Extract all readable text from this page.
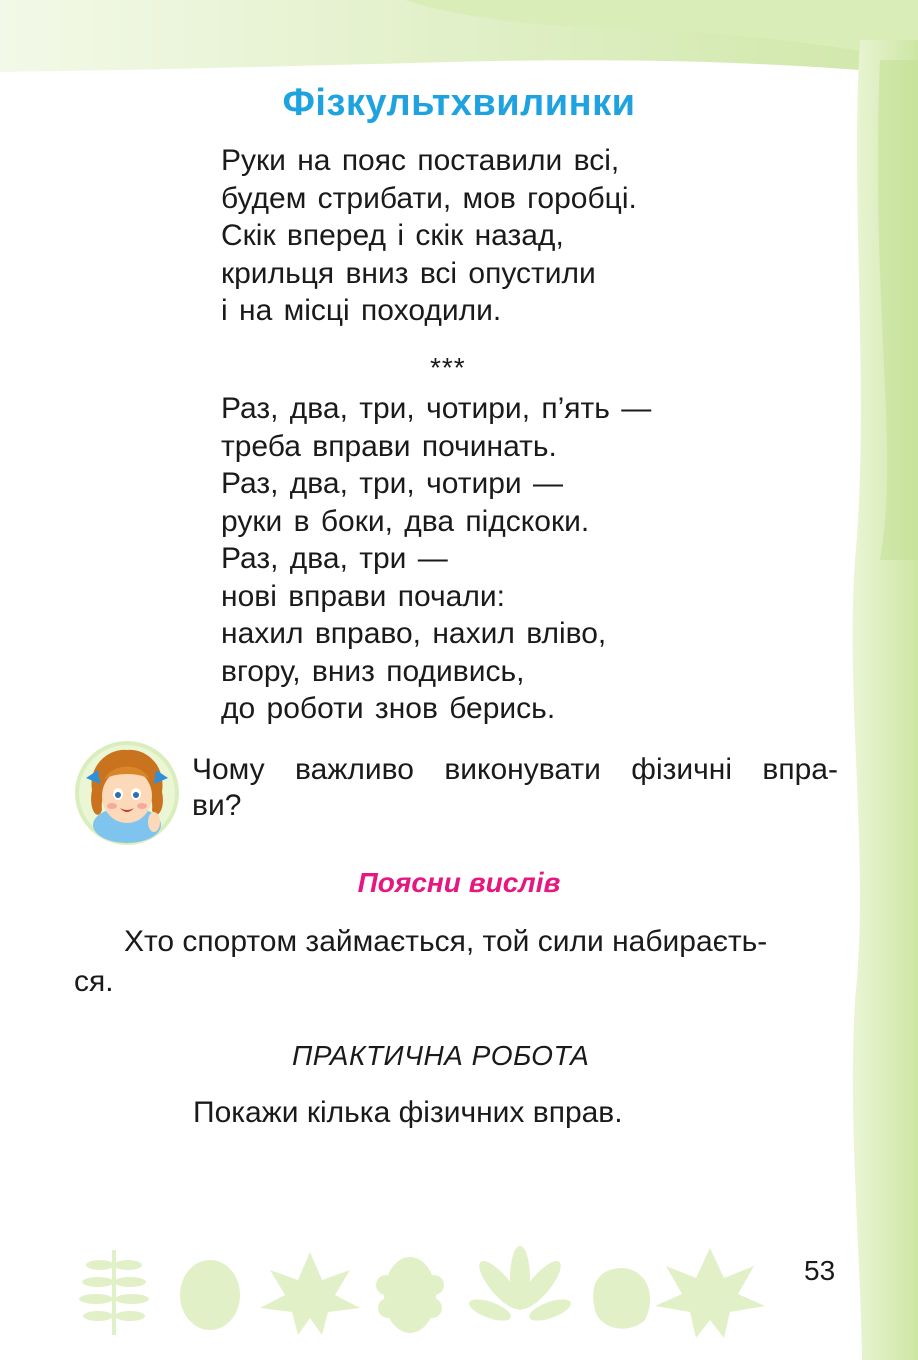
Фізкультхвилинки
Руки на пояс поставили всі,
будем стрибати, мов горобці.
Скік вперед і скік назад,
крильця вниз всі опустили
і на місці походили.
***
Раз, два, три, чотири, п’ять —
треба вправи починать.
Раз, два, три, чотири —
руки в боки, два підскоки.
Раз, два, три —
нові вправи почали:
нахил вправо, нахил вліво,
вгору, вниз подивись,
до роботи знов берись.
Чому важливо виконувати фізичні впра-
ви?
Поясни вислів
Хто спортом займається, той сили набираєть-
ся.
ПРАКТИЧНА РОБОТА
Покажи кілька фізичних вправ.
53
